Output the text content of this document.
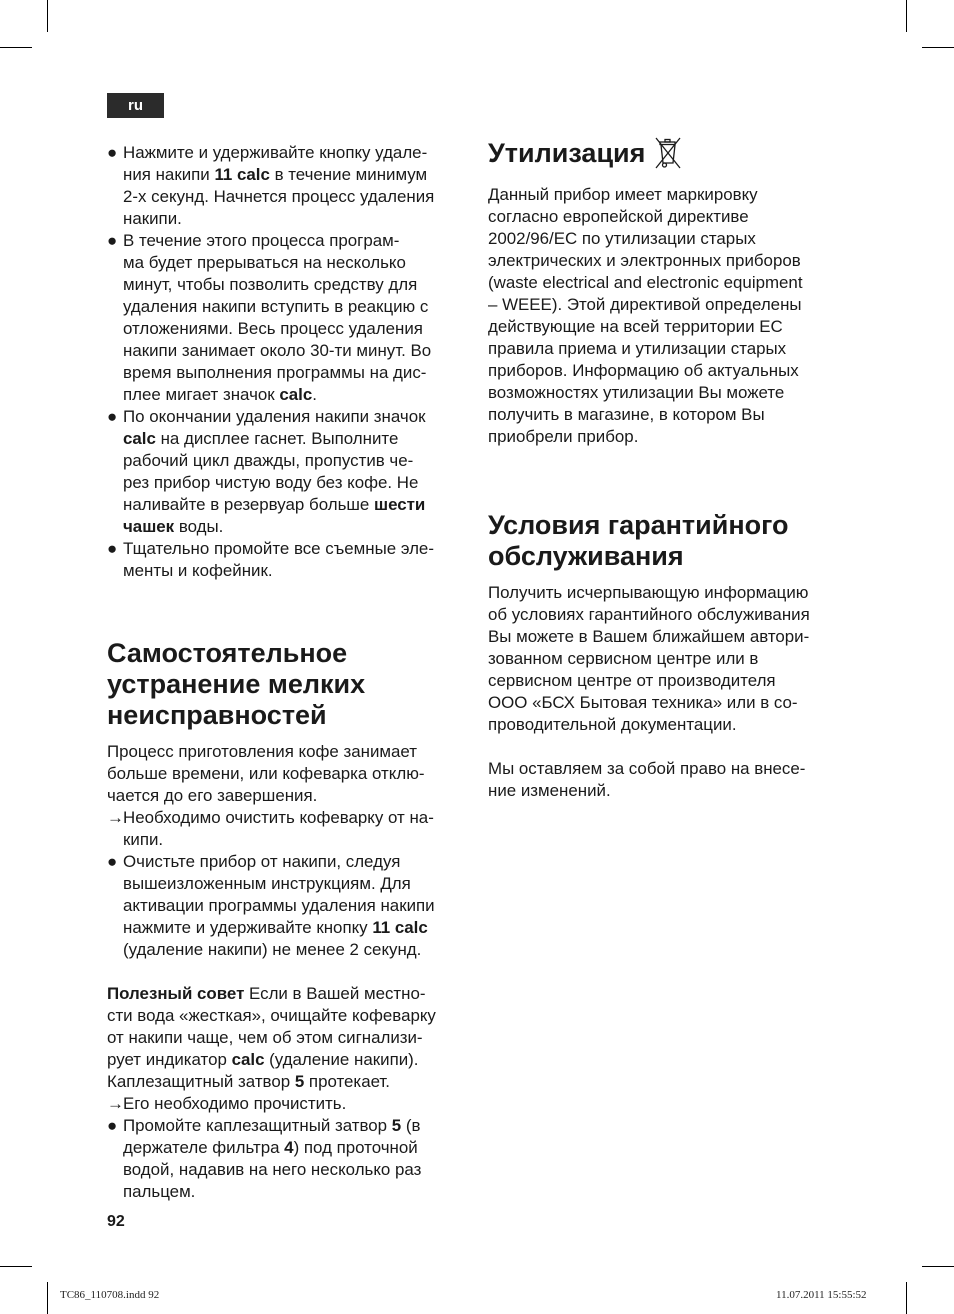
ru
● Нажмите и удерживайте кнопку удале-
ния накипи 11 calc в течение минимум
2-х секунд. Начнется процесс удаления
накипи.
● В течение этого процесса програм-
ма будет прерываться на несколько
минут, чтобы позволить средству для
удаления накипи вступить в реакцию с
отложениями. Весь процесс удаления
накипи занимает около 30-ти минут. Во
время выполнения программы на дис-
плее мигает значок calc.
● По окончании удаления накипи значок
calc на дисплее гаснет. Выполните
рабочий цикл дважды, пропустив че-
рез прибор чистую воду без кофе. Не
наливайте в резервуар больше шести
чашек воды.
● Тщательно промойте все съемные эле-
менты и кофейник.
Самостоятельное
устранение мелких
неисправностей

Процесс приготовления кофе занимает
больше времени, или кофеварка отклю-
чается до его завершения.

→ Необходимо очистить кофеварку от на-
кипи.
● Очистьте прибор от накипи, следуя
вышеизложенным инструкциям. Для
активации программы удаления накипи
нажмите и удерживайте кнопку 11 calc
(удаление накипи) не менее 2 секунд.

Полезный совет Если в Вашей местно-
сти вода «жесткая», очищайте кофеварку
от накипи чаще, чем об этом сигнализи-
рует индикатор calc (удаление накипи).

Каплезащитный затвор 5 протекает.

→ Его необходимо прочистить.
● Промойте каплезащитный затвор 5 (в
держателе фильтра 4) под проточной
водой, надавив на него несколько раз
пальцем.
Утилизация

Данный прибор имеет маркировку
согласно европейской директиве
2002/96/EC по утилизации старых
электрических и электронных приборов
(waste electrical and electronic equipment
– WEEE). Этой директивой определены
действующие на всей территории ЕС
правила приема и утилизации старых
приборов. Информацию об актуальных
возможностях утилизации Вы можете
получить в магазине, в котором Вы
приобрели прибор.

Условия гарантийного
обслуживания

Получить исчерпывающую информацию
об условиях гарантийного обслуживания
Вы можете в Вашем ближайшем автори-
зованном сервисном центре или в
сервисном центре от производителя
ООО «БСХ Бытовая техника» или в со-
проводительной документации.

Мы оставляем за собой право на внесе-
ние изменений.

92
TC86_110708.indd 92	11.07.2011 15:55:52
